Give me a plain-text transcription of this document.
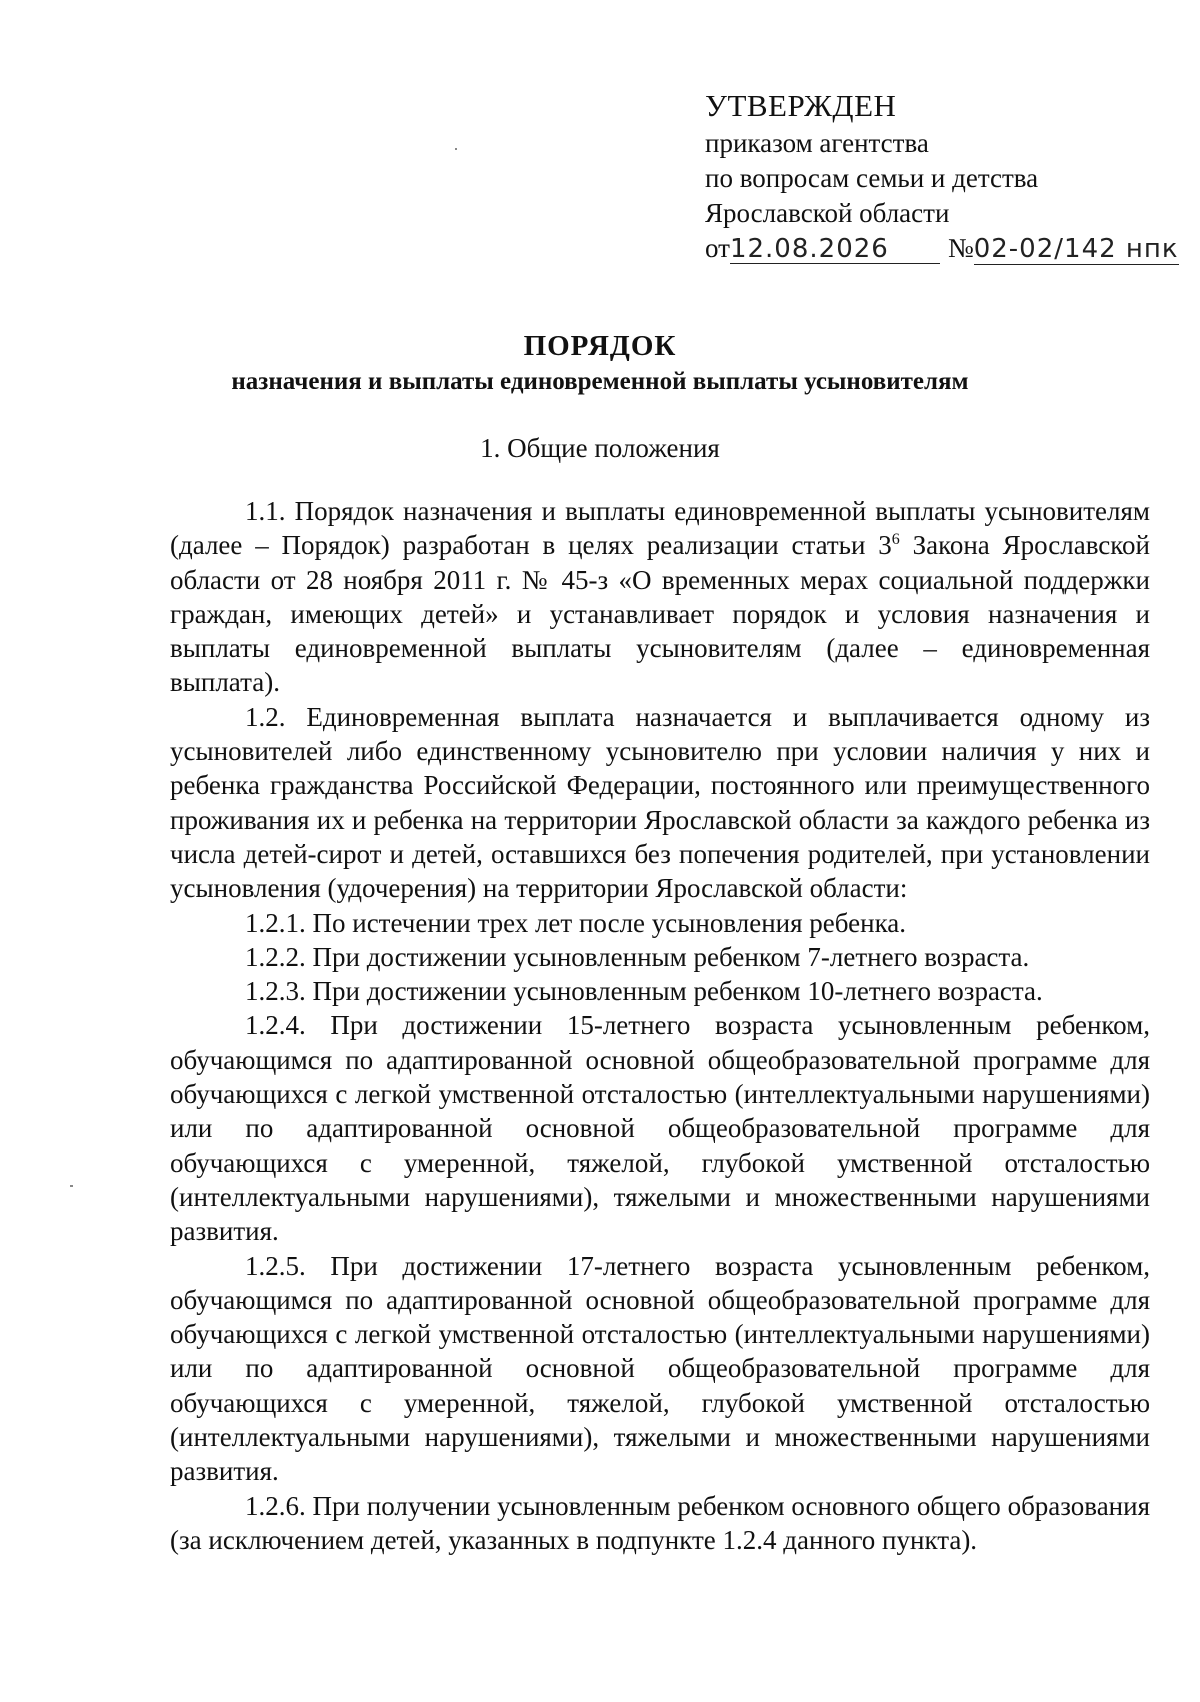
УТВЕРЖДЕН
приказом агентства
по вопросам семьи и детства
Ярославской области
от12.08.2026 №02-02/142 нпк
ПОРЯДОК
назначения и выплаты единовременной выплаты усыновителям
1. Общие положения

1.1. Порядок назначения и выплаты единовременной выплаты усыновителям (далее – Порядок) разработан в целях реализации статьи $3^6$ Закона Ярославской области от 28 ноября 2011 г. № 45-з «О временных мерах социальной поддержки граждан, имеющих детей» и устанавливает порядок и условия назначения и выплаты единовременной выплаты усыновителям (далее – единовременная выплата).

1.2. Единовременная выплата назначается и выплачивается одному из усыновителей либо единственному усыновителю при условии наличия у них и ребенка гражданства Российской Федерации, постоянного или преимущественного проживания их и ребенка на территории Ярославской области за каждого ребенка из числа детей-сирот и детей, оставшихся без попечения родителей, при установлении усыновления (удочерения) на территории Ярославской области:

1.2.1. По истечении трех лет после усыновления ребенка.

1.2.2. При достижении усыновленным ребенком 7-летнего возраста.

1.2.3. При достижении усыновленным ребенком 10-летнего возраста.

1.2.4. При достижении 15-летнего возраста усыновленным ребенком, обучающимся по адаптированной основной общеобразовательной программе для обучающихся с легкой умственной отсталостью (интеллектуальными нарушениями) или по адаптированной основной общеобразовательной программе для обучающихся с умеренной, тяжелой, глубокой умственной отсталостью (интеллектуальными нарушениями), тяжелыми и множественными нарушениями развития.

1.2.5. При достижении 17-летнего возраста усыновленным ребенком, обучающимся по адаптированной основной общеобразовательной программе для обучающихся с легкой умственной отсталостью (интеллектуальными нарушениями) или по адаптированной основной общеобразовательной программе для обучающихся с умеренной, тяжелой, глубокой умственной отсталостью (интеллектуальными нарушениями), тяжелыми и множественными нарушениями развития.

1.2.6. При получении усыновленным ребенком основного общего образования (за исключением детей, указанных в подпункте 1.2.4 данного пункта).
